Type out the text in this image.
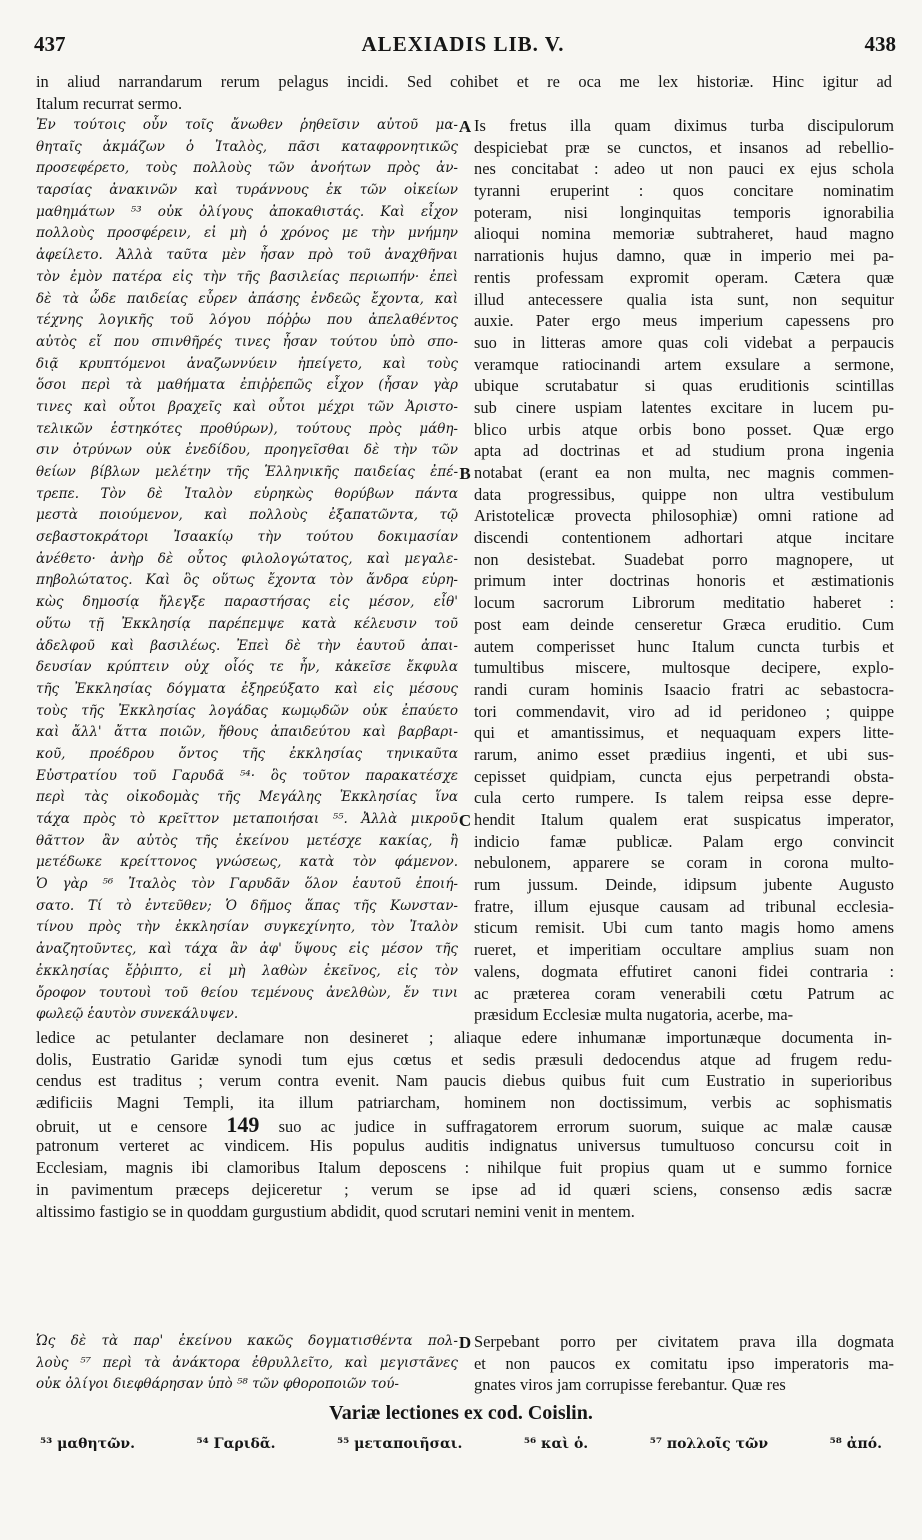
437	ALEXIADIS LIB. V.	438
in aliud narrandarum rerum pelagus incidi. Sed cohibet et re oca me lex historiæ. Hinc igitur ad
Italum recurrat sermo.
Ἐν τούτοις οὖν τοῖς ἄνωθεν ῥηθεῖσιν αὐτοῦ μα-
θηταῖς ἀκμάζων ὁ Ἰταλὸς, πᾶσι καταφρονητικῶς
προσεφέρετο, τοὺς πολλοὺς τῶν ἀνοήτων πρὸς ἀν-
ταρσίας ἀνακινῶν καὶ τυράννους ἐκ τῶν οἰκείων
μαθημάτων ⁵³ οὐκ ὀλίγους ἀποκαθιστάς. Καὶ εἶχον
πολλοὺς προσφέρειν, εἰ μὴ ὁ χρόνος με τὴν μνήμην
ἀφείλετο. Ἀλλὰ ταῦτα μὲν ἦσαν πρὸ τοῦ ἀναχθῆναι
τὸν ἐμὸν πατέρα εἰς τὴν τῆς βασιλείας περιωπήν· ἐπεὶ
δὲ τὰ ὧδε παιδείας εὗρεν ἀπάσης ἐνδεῶς ἔχοντα, καὶ
τέχνης λογικῆς τοῦ λόγου πόῤῥω που ἀπελαθέντος
αὐτὸς εἴ που σπινθῆρές τινες ἦσαν τούτου ὑπὸ σπο-
διᾷ κρυπτόμενοι ἀναζωννύειν ἠπείγετο, καὶ τοὺς
ὅσοι περὶ τὰ μαθήματα ἐπιῤῥεπῶς εἶχον (ἦσαν γὰρ
τινες καὶ οὗτοι βραχεῖς καὶ οὗτοι μέχρι τῶν Ἀριστο-
τελικῶν ἑστηκότες προθύρων), τούτους πρὸς μάθη-
σιν ὀτρύνων οὐκ ἐνεδίδου, προηγεῖσθαι δὲ τὴν τῶν
θείων βίβλων μελέτην τῆς Ἑλληνικῆς παιδείας ἐπέ-
τρεπε. Τὸν δὲ Ἰταλὸν εὑρηκὼς θορύβων πάντα
μεστὰ ποιούμενον, καὶ πολλοὺς ἐξαπατῶντα, τῷ
σεβαστοκράτορι Ἰσαακίῳ τὴν τούτου δοκιμασίαν
ἀνέθετο· ἀνὴρ δὲ οὗτος φιλολογώτατος, καὶ μεγαλε-
πηβολώτατος. Καὶ ὃς οὕτως ἔχοντα τὸν ἄνδρα εὑρη-
κὼς δημοσίᾳ ἤλεγξε παραστήσας εἰς μέσον, εἶθ'
οὕτω τῇ Ἐκκλησίᾳ παρέπεμψε κατὰ κέλευσιν τοῦ
ἀδελφοῦ καὶ βασιλέως. Ἐπεὶ δὲ τὴν ἑαυτοῦ ἀπαι-
δευσίαν κρύπτειν οὐχ οἷός τε ἦν, κἀκεῖσε ἔκφυλα
τῆς Ἐκκλησίας δόγματα ἐξηρεύξατο καὶ εἰς μέσους
τοὺς τῆς Ἐκκλησίας λογάδας κωμῳδῶν οὐκ ἐπαύετο
καὶ ἄλλ' ἄττα ποιῶν, ἤθους ἀπαιδεύτου καὶ βαρβαρι-
κοῦ, προέδρου ὄντος τῆς ἐκκλησίας τηνικαῦτα
Εὐστρατίου τοῦ Γαρυδᾶ ⁵⁴· ὃς τοῦτον παρακατέσχε
περὶ τὰς οἰκοδομὰς τῆς Μεγάλης Ἐκκλησίας ἵνα
τάχα πρὸς τὸ κρεῖττον μεταποιήσαι ⁵⁵. Ἀλλὰ μικροῦ
θᾶττον ἂν αὐτὸς τῆς ἐκείνου μετέσχε κακίας, ἢ
μετέδωκε κρείττονος γνώσεως, κατὰ τὸν φάμενον.
Ὁ γὰρ ⁵⁶ Ἰταλὸς τὸν Γαρυδᾶν ὅλον ἑαυτοῦ ἐποιή-
σατο. Τί τὸ ἐντεῦθεν; Ὁ δῆμος ἅπας τῆς Κωνσταν-
τίνου πρὸς τὴν ἐκκλησίαν συγκεχίνητο, τὸν Ἰταλὸν
ἀναζητοῦντες, καὶ τάχα ἂν ἀφ' ὕψους εἰς μέσον τῆς
ἐκκλησίας ἔῤῥιπτο, εἰ μὴ λαθὼν ἐκεῖνος, εἰς τὸν
ὄροφον τουτουὶ τοῦ θείου τεμένους ἀνελθὼν, ἔν τινι
φωλεῷ ἑαυτὸν συνεκάλυψεν.
Is fretus illa quam diximus turba discipulorum
despiciebat præ se cunctos, et insanos ad rebellio-
nes concitabat : adeo ut non pauci ex ejus schola
tyranni eruperint : quos concitare nominatim
poteram, nisi longinquitas temporis ignorabilia
alioqui nomina memoriæ subtraheret, haud magno
narrationis hujus damno, quæ in imperio mei pa-
rentis professam expromit operam. Cætera quæ
illud antecessere qualia ista sunt, non sequitur
auxie. Pater ergo meus imperium capessens pro
suo in litteras amore quas coli videbat a perpaucis
veramque ratiocinandi artem exsulare a sermone,
ubique scrutabatur si quas eruditionis scintillas
sub cinere uspiam latentes excitare in lucem pu-
blico urbis atque orbis bono posset. Quæ ergo
apta ad doctrinas et ad studium prona ingenia
notabat (erant ea non multa, nec magnis commen-
data progressibus, quippe non ultra vestibulum
Aristotelicæ provecta philosophiæ) omni ratione ad
discendi contentionem adhortari atque incitare
non desistebat. Suadebat porro magnopere, ut
primum inter doctrinas honoris et æstimationis
locum sacrorum Librorum meditatio haberet :
post eam deinde censeretur Græca eruditio. Cum
autem comperisset hunc Italum cuncta turbis et
tumultibus miscere, multosque decipere, explo-
randi curam hominis Isaacio fratri ac sebastocra-
tori commendavit, viro ad id peridoneo ; quippe
qui et amantissimus, et nequaquam expers litte-
rarum, animo esset prædiius ingenti, et ubi sus-
cepisset quidpiam, cuncta ejus perpetrandi obsta-
cula certo rumpere. Is talem reipsa esse depre-
hendit Italum qualem erat suspicatus imperator,
indicio famæ publicæ. Palam ergo convincit
nebulonem, apparere se coram in corona multo-
rum jussum. Deinde, idipsum jubente Augusto
fratre, illum ejusque causam ad tribunal ecclesia-
sticum remisit. Ubi cum tanto magis homo amens
rueret, et imperitiam occultare amplius suam non
valens, dogmata effutiret canoni fidei contraria :
ac præterea coram venerabili cœtu Patrum ac
præsidum Ecclesiæ multa nugatoria, acerbe, ma-
A
B
C
D
ledice ac petulanter declamare non desineret ; aliaque edere inhumanæ importunæque documenta in-
dolis, Eustratio Garidæ synodi tum ejus cœtus et sedis præsuli dedocendus atque ad frugem redu-
cendus est traditus ; verum contra evenit. Nam paucis diebus quibus fuit cum Eustratio in superioribus
ædificiis Magni Templi, ita illum patriarcham, hominem non doctissimum, verbis ac sophismatis
obruit, ut e censore 149 suo ac judice in suffragatorem errorum suorum, suique ac malæ causæ
patronum verteret ac vindicem. His populus auditis indignatus universus tumultuoso concursu coit in
Ecclesiam, magnis ibi clamoribus Italum deposcens : nihilque fuit propius quam ut e summo fornice
in pavimentum præceps dejiceretur ; verum se ipse ad id quæri sciens, consenso ædis sacræ
altissimo fastigio se in quoddam gurgustium abdidit, quod scrutari nemini venit in mentem.
Ὡς δὲ τὰ παρ' ἐκείνου κακῶς δογματισθέντα πολ-
λοὺς ⁵⁷ περὶ τὰ ἀνάκτορα ἐθρυλλεῖτο, καὶ μεγιστᾶνες
οὐκ ὀλίγοι διεφθάρησαν ὑπὸ ⁵⁸ τῶν φθοροποιῶν τού-
Serpebant porro per civitatem prava illa dogmata
et non paucos ex comitatu ipso imperatoris ma-
gnates viros jam corrupisse ferebantur. Quæ res
Variæ lectiones ex cod. Coislin.
⁵³ μαθητῶν.	⁵⁴ Γαριδᾶ.	⁵⁵ μεταποιῆσαι.	⁵⁶ καὶ ὁ.	⁵⁷ πολλοῖς τῶν	⁵⁸ ἀπό.
